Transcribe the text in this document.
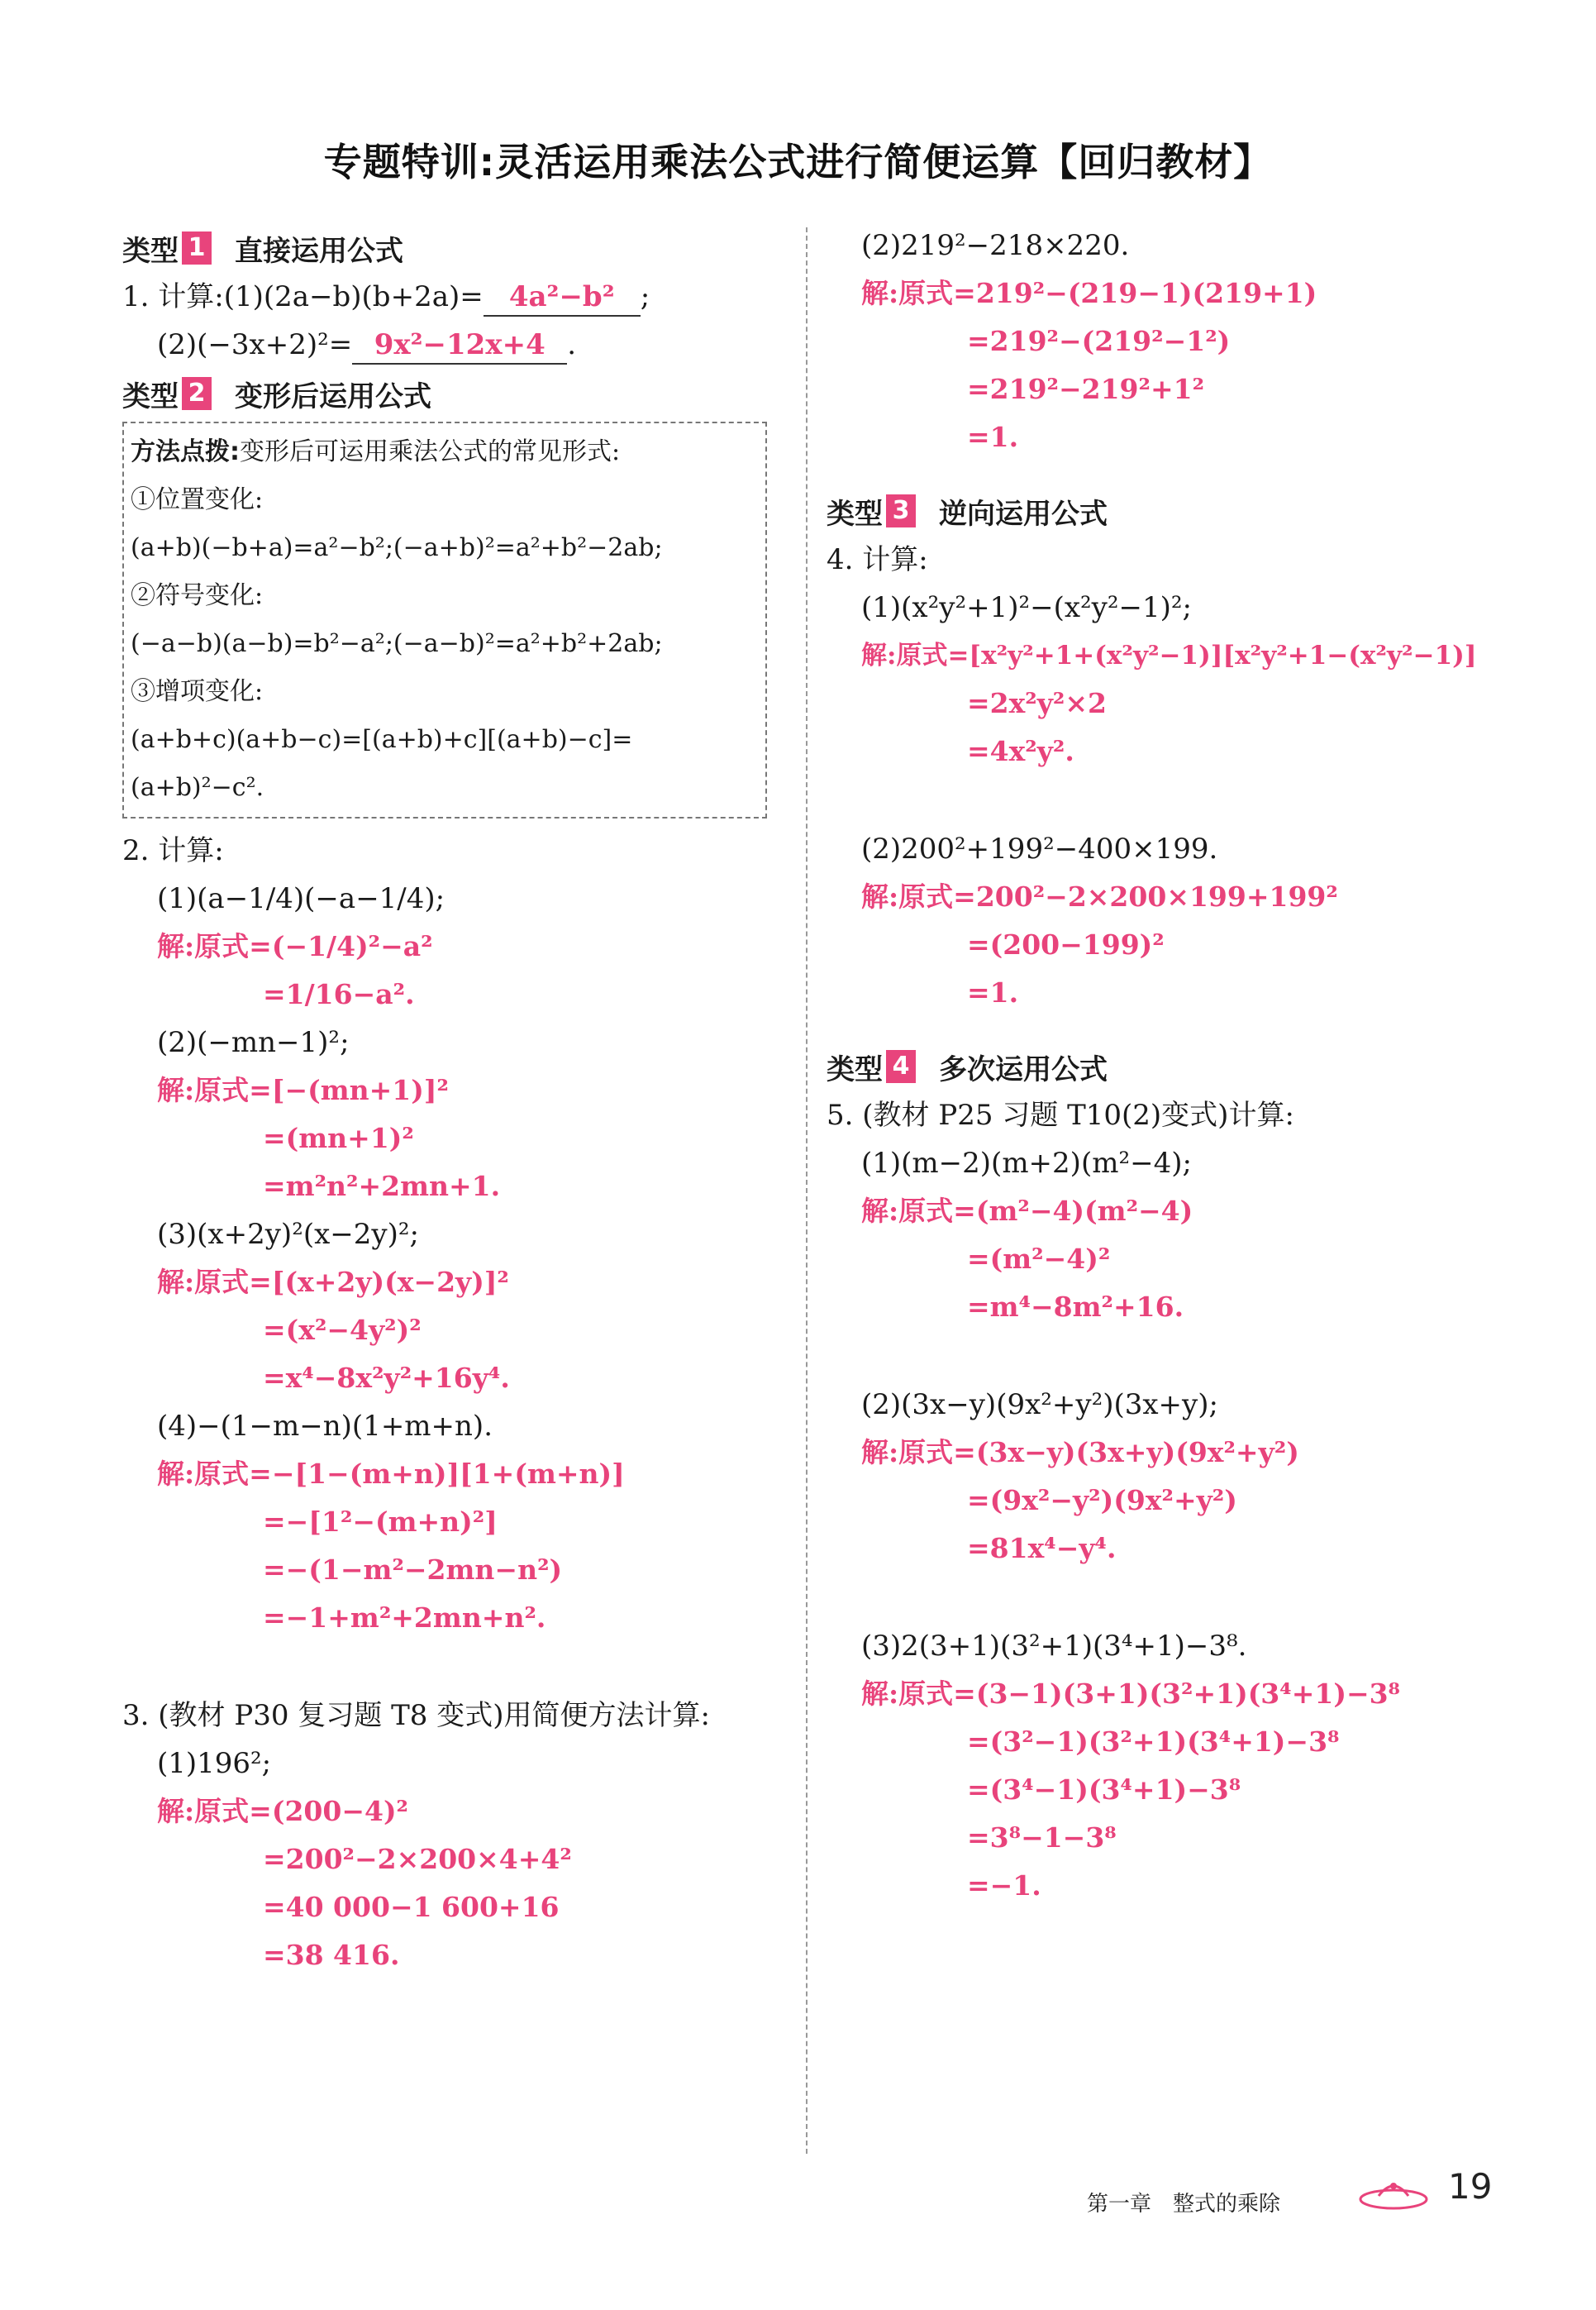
专题特训:灵活运用乘法公式进行简便运算【回归教材】
类型 1 直接运用公式
1. 计算:(1)(2a−b)(b+2a)= 4a²−b² ;
(2)(−3x+2)²= 9x²−12x+4 .
类型 2 变形后运用公式
方法点拨:变形后可运用乘法公式的常见形式:
①位置变化:
(a+b)(−b+a)=a²−b²;(−a+b)²=a²+b²−2ab;
②符号变化:
(−a−b)(a−b)=b²−a²;(−a−b)²=a²+b²+2ab;
③增项变化:
(a+b+c)(a+b−c)=[(a+b)+c][(a+b)−c]=
(a+b)²−c².
2. 计算:
(1)(a−1/4)(−a−1/4);
解:原式=(−1/4)²−a²
=1/16−a².
(2)(−mn−1)²;
解:原式=[−(mn+1)]²
=(mn+1)²
=m²n²+2mn+1.
(3)(x+2y)²(x−2y)²;
解:原式=[(x+2y)(x−2y)]²
=(x²−4y²)²
=x⁴−8x²y²+16y⁴.
(4)−(1−m−n)(1+m+n).
解:原式=−[1−(m+n)][1+(m+n)]
=−[1²−(m+n)²]
=−(1−m²−2mn−n²)
=−1+m²+2mn+n².
3. (教材 P30 复习题 T8 变式)用简便方法计算:
(1)196²;
解:原式=(200−4)²
=200²−2×200×4+4²
=40 000−1 600+16
=38 416.
(2)219²−218×220.
解:原式=219²−(219−1)(219+1)
=219²−(219²−1²)
=219²−219²+1²
=1.
类型 3 逆向运用公式
4. 计算:
(1)(x²y²+1)²−(x²y²−1)²;
解:原式=[x²y²+1+(x²y²−1)][x²y²+1−(x²y²−1)]
=2x²y²×2
=4x²y².
(2)200²+199²−400×199.
解:原式=200²−2×200×199+199²
=(200−199)²
=1.
类型 4 多次运用公式
5. (教材 P25 习题 T10(2)变式)计算:
(1)(m−2)(m+2)(m²−4);
解:原式=(m²−4)(m²−4)
=(m²−4)²
=m⁴−8m²+16.
(2)(3x−y)(9x²+y²)(3x+y);
解:原式=(3x−y)(3x+y)(9x²+y²)
=(9x²−y²)(9x²+y²)
=81x⁴−y⁴.
(3)2(3+1)(3²+1)(3⁴+1)−3⁸.
解:原式=(3−1)(3+1)(3²+1)(3⁴+1)−3⁸
=(3²−1)(3²+1)(3⁴+1)−3⁸
=(3⁴−1)(3⁴+1)−3⁸
=3⁸−1−3⁸
=−1.
第一章　整式的乘除	19
